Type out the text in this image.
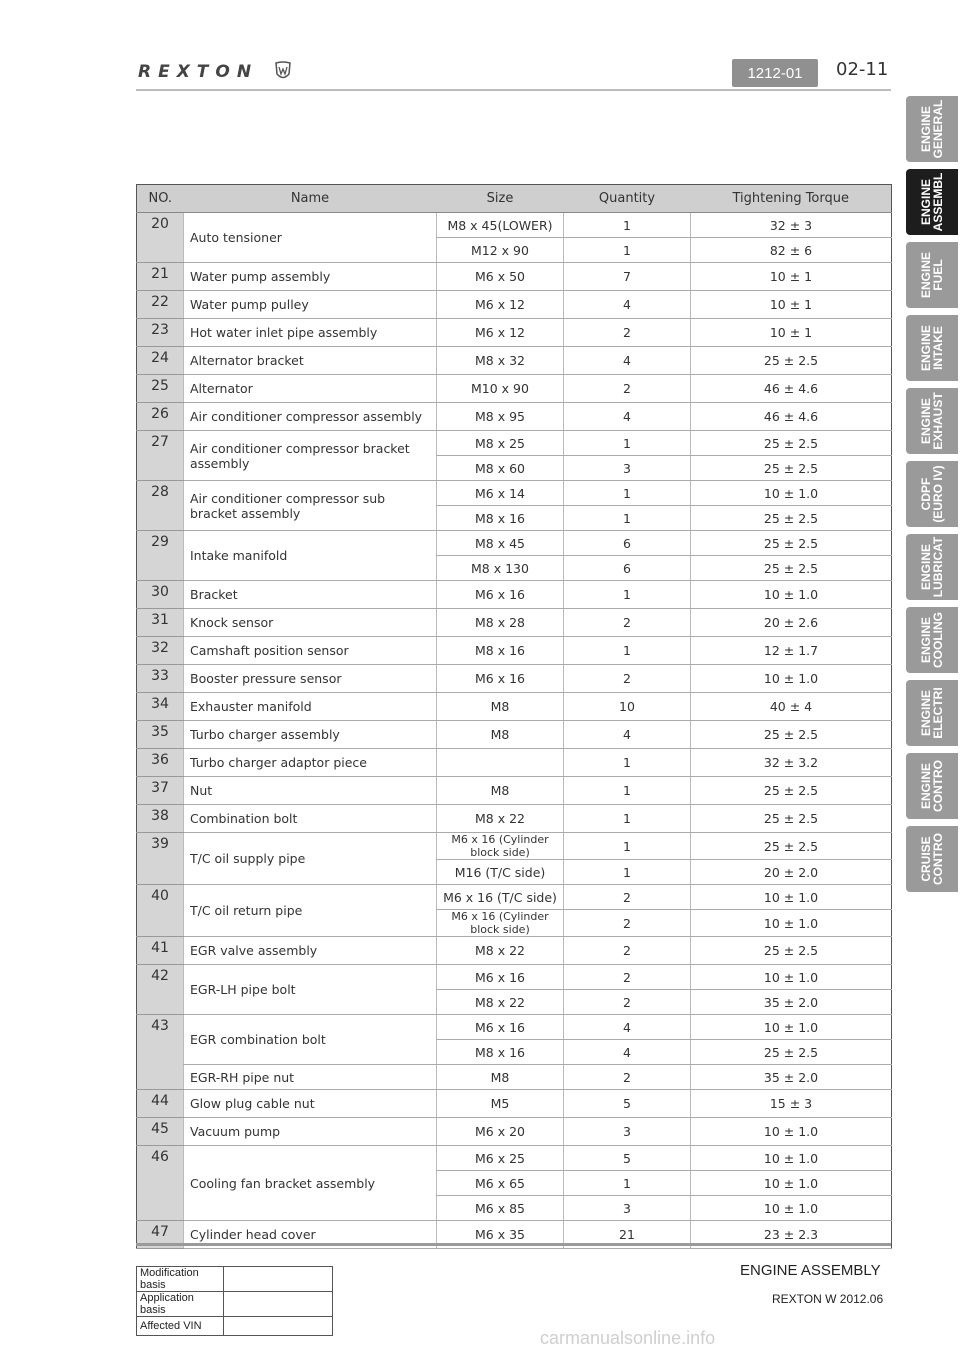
REXTON	1212-01	02-11
ENGINE
GENERAL
ENGINE
ASSEMBL
ENGINE
FUEL
ENGINE
INTAKE
ENGINE
EXHAUST
CDPF
(EURO IV)
ENGINE
LUBRICAT
ENGINE
COOLING
ENGINE
ELECTRI
ENGINE
CONTRO
CRUISE
CONTRO
NO.	Name	Size	Quantity	Tightening Torque
20	Auto tensioner	M8 x 45(LOWER)	1	32 ± 3
		M12 x 90	1	82 ± 6
21	Water pump assembly	M6 x 50	7	10 ± 1
22	Water pump pulley	M6 x 12	4	10 ± 1
23	Hot water inlet pipe assembly	M6 x 12	2	10 ± 1
24	Alternator bracket	M8 x 32	4	25 ± 2.5
25	Alternator	M10 x 90	2	46 ± 4.6
26	Air conditioner compressor assembly	M8 x 95	4	46 ± 4.6
27	Air conditioner compressor bracket assembly	M8 x 25	1	25 ± 2.5
		M8 x 60	3	25 ± 2.5
28	Air conditioner compressor sub bracket assembly	M6 x 14	1	10 ± 1.0
		M8 x 16	1	25 ± 2.5
29	Intake manifold	M8 x 45	6	25 ± 2.5
		M8 x 130	6	25 ± 2.5
30	Bracket	M6 x 16	1	10 ± 1.0
31	Knock sensor	M8 x 28	2	20 ± 2.6
32	Camshaft position sensor	M8 x 16	1	12 ± 1.7
33	Booster pressure sensor	M6 x 16	2	10 ± 1.0
34	Exhauster manifold	M8	10	40 ± 4
35	Turbo charger assembly	M8	4	25 ± 2.5
36	Turbo charger adaptor piece		1	32 ± 3.2
37	Nut	M8	1	25 ± 2.5
38	Combination bolt	M8 x 22	1	25 ± 2.5
39	T/C oil supply pipe	M6 x 16 (Cylinder block side)	1	25 ± 2.5
		M16 (T/C side)	1	20 ± 2.0
40	T/C oil return pipe	M6 x 16 (T/C side)	2	10 ± 1.0
		M6 x 16 (Cylinder block side)	2	10 ± 1.0
41	EGR valve assembly	M8 x 22	2	25 ± 2.5
42	EGR-LH pipe bolt	M6 x 16	2	10 ± 1.0
		M8 x 22	2	35 ± 2.0
43	EGR combination bolt	M6 x 16	4	10 ± 1.0
		M8 x 16	4	25 ± 2.5
	EGR-RH pipe nut	M8	2	35 ± 2.0
44	Glow plug cable nut	M5	5	15 ± 3
45	Vacuum pump	M6 x 20	3	10 ± 1.0
46	Cooling fan bracket assembly	M6 x 25	5	10 ± 1.0
		M6 x 65	1	10 ± 1.0
		M6 x 85	3	10 ± 1.0
47	Cylinder head cover	M6 x 35	21	23 ± 2.3
Modification basis	
Application basis	
Affected VIN	
ENGINE ASSEMBLY
REXTON W 2012.06
carmanualsonline.info
